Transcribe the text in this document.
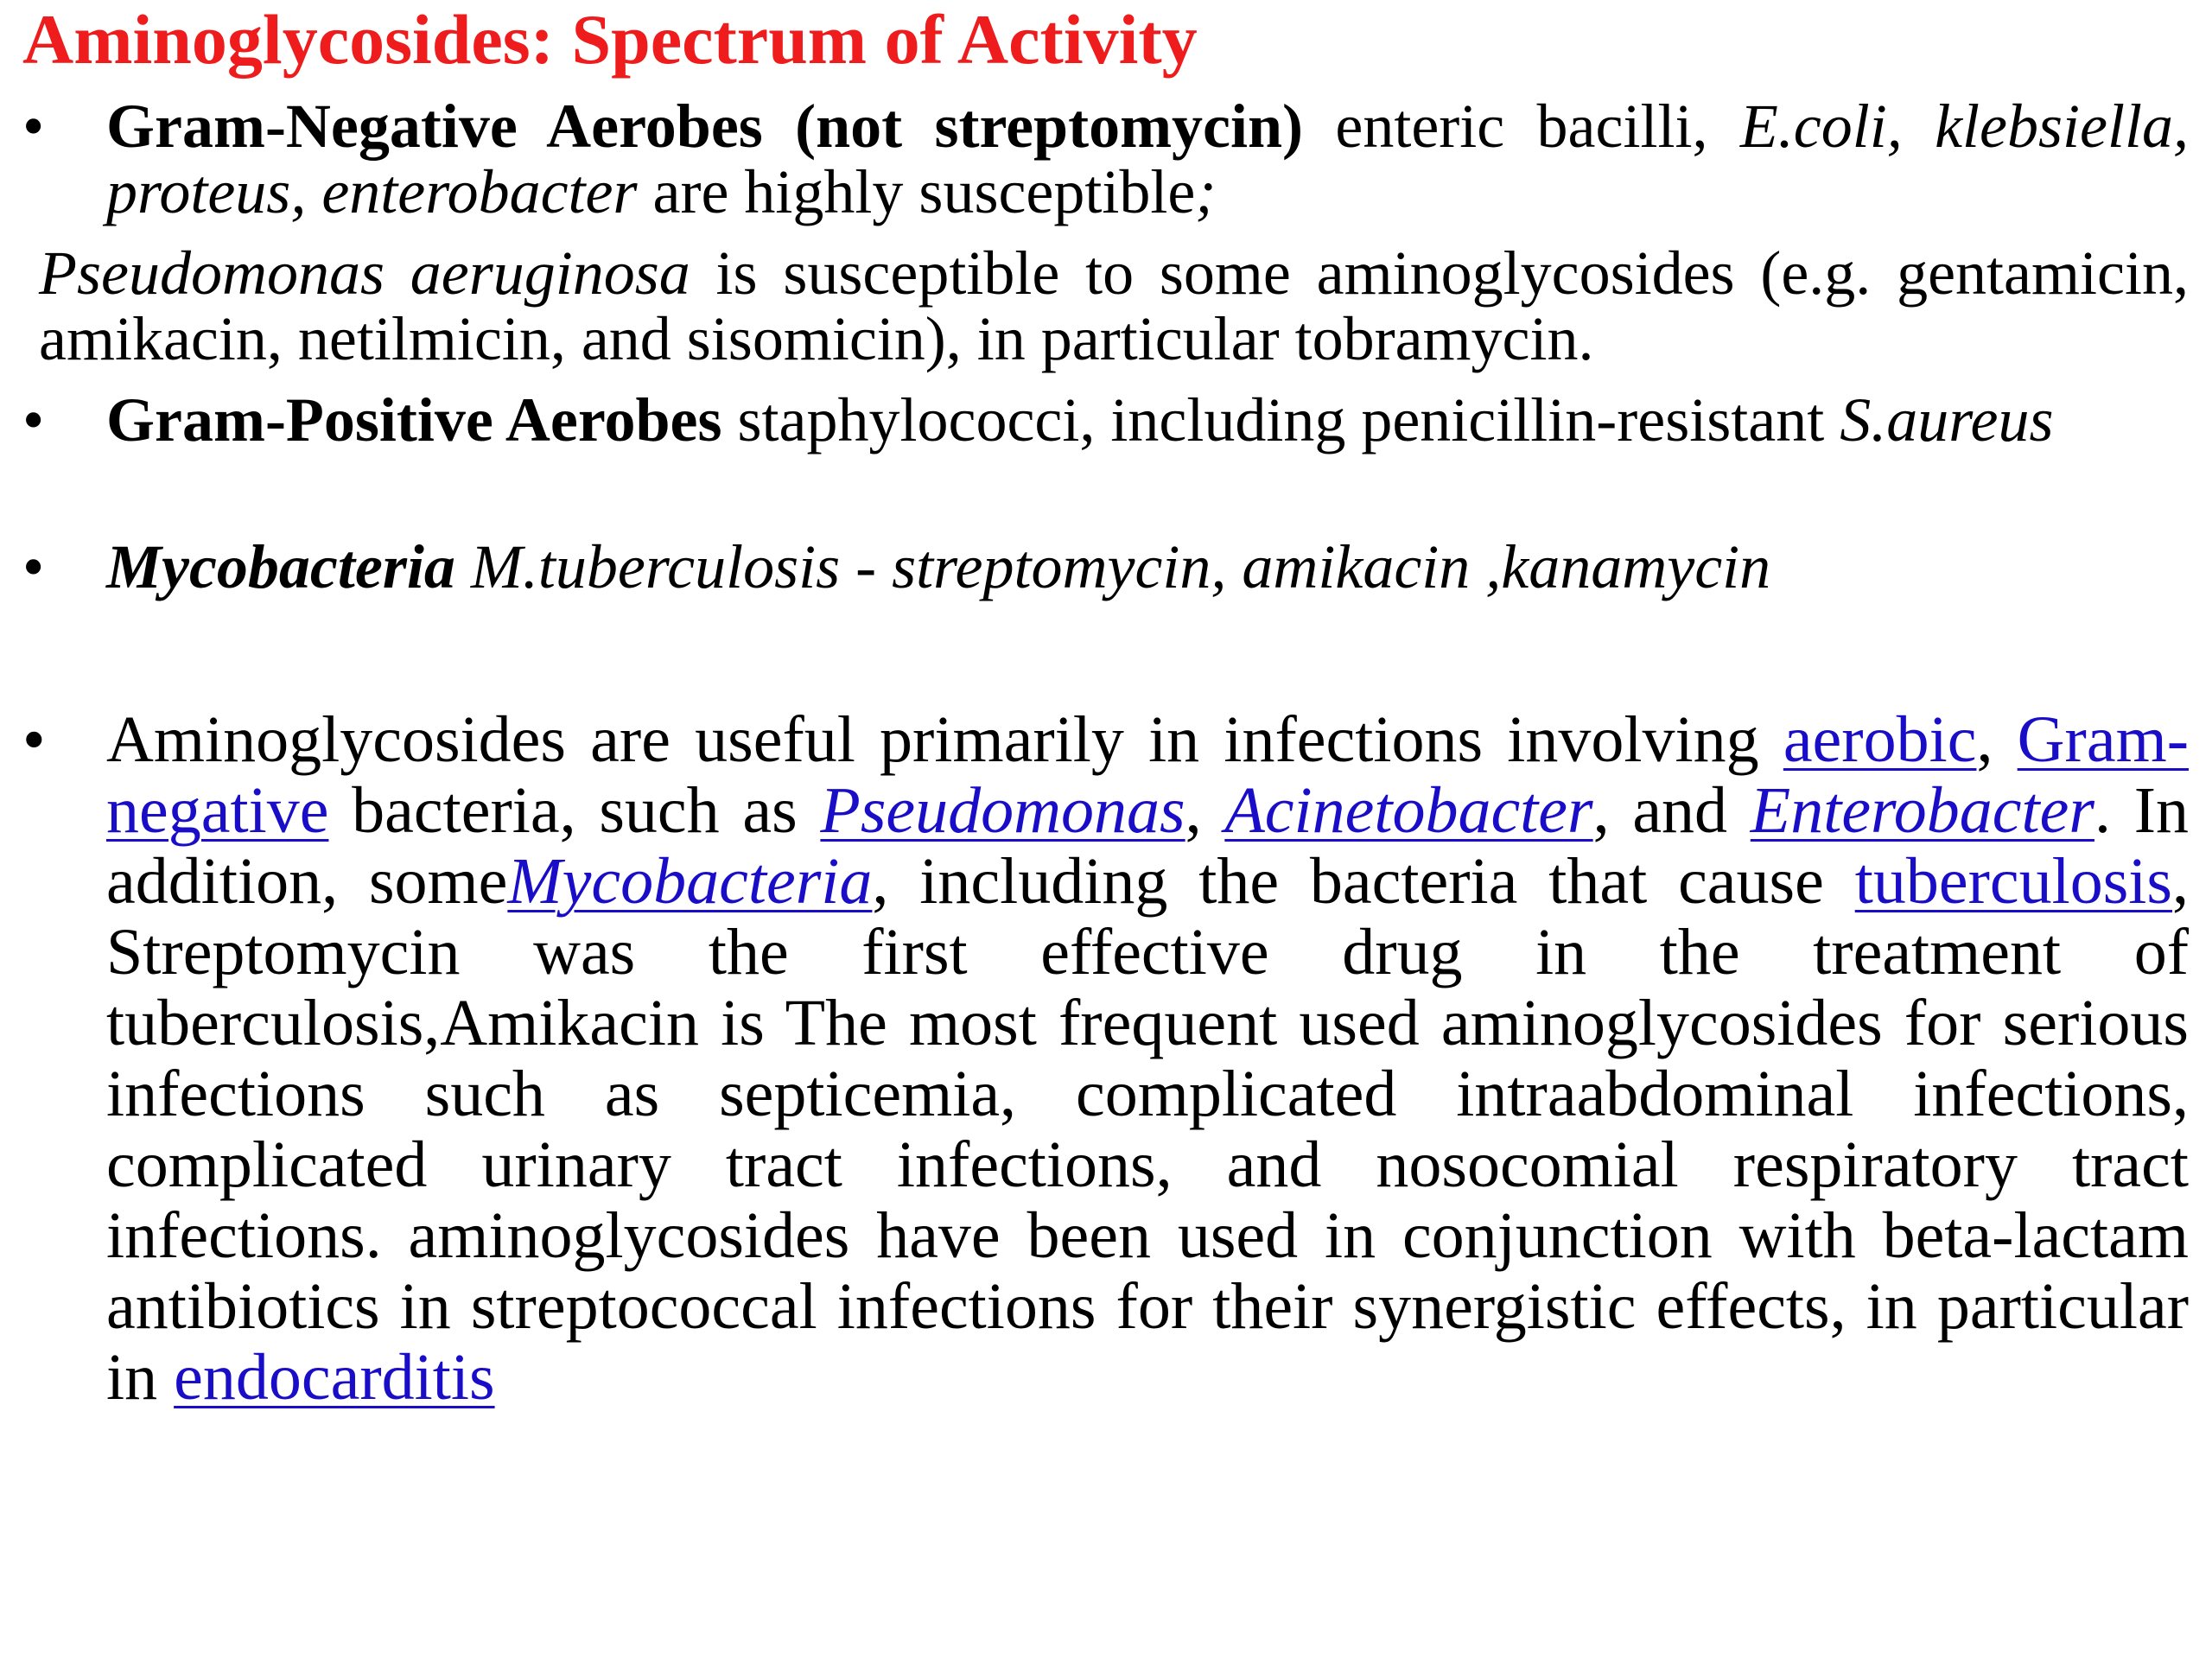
Aminoglycosides: Spectrum of Activity
• Gram-Negative Aerobes (not streptomycin) enteric bacilli, E.coli, klebsiella, proteus, enterobacter are highly susceptible;
Pseudomonas aeruginosa is susceptible to some aminoglycosides (e.g. gentamicin, amikacin, netilmicin, and sisomicin), in particular tobramycin.
• Gram-Positive Aerobes staphylococci, including penicillin-resistant S.aureus
• Mycobacteria M.tuberculosis - streptomycin, amikacin ,kanamycin
• Aminoglycosides are useful primarily in infections involving aerobic, Gram-negative bacteria, such as Pseudomonas, Acinetobacter, and Enterobacter. In addition, someMycobacteria, including the bacteria that cause tuberculosis, Streptomycin was the first effective drug in the treatment of tuberculosis,Amikacin is The most frequent used aminoglycosides for serious infections such as septicemia, complicated intraabdominal infections, complicated urinary tract infections, and nosocomial respiratory tract infections. aminoglycosides have been used in conjunction with beta-lactam antibiotics in streptococcal infections for their synergistic effects, in particular in endocarditis
